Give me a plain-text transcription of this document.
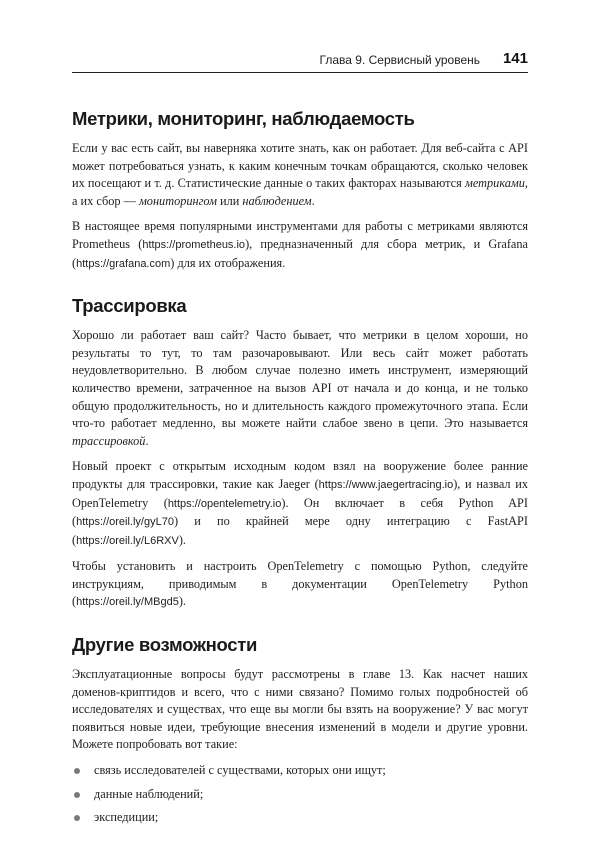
Глава 9. Сервисный уровень 141
Метрики, мониторинг, наблюдаемость

Если у вас есть сайт, вы наверняка хотите знать, как он работает. Для веб-сайта с API может потребоваться узнать, к каким конечным точкам обращаются, сколько человек их посещают и т. д. Статистические данные о таких факторах называются метриками, а их сбор — мониторингом или наблюдением.

В настоящее время популярными инструментами для работы с метриками являются Prometheus (https://prometheus.io), предназначенный для сбора метрик, и Grafana (https://grafana.com) для их отображения.

Трассировка

Хорошо ли работает ваш сайт? Часто бывает, что метрики в целом хороши, но результаты то тут, то там разочаровывают. Или весь сайт может работать неудовлетворительно. В любом случае полезно иметь инструмент, измеряющий количество времени, затраченное на вызов API от начала и до конца, и не только общую продолжительность, но и длительность каждого промежуточного этапа. Если что-то работает медленно, вы можете найти слабое звено в цепи. Это называется трассировкой.

Новый проект с открытым исходным кодом взял на вооружение более ранние продукты для трассировки, такие как Jaeger (https://www.jaegertracing.io), и назвал их OpenTelemetry (https://opentelemetry.io). Он включает в себя Python API (https://oreil.ly/gyL70) и по крайней мере одну интеграцию с FastAPI (https://oreil.ly/L6RXV).

Чтобы установить и настроить OpenTelemetry с помощью Python, следуйте инструкциям, приводимым в документации OpenTelemetry Python (https://oreil.ly/MBgd5).

Другие возможности

Эксплуатационные вопросы будут рассмотрены в главе 13. Как насчет наших доменов-криптидов и всего, что с ними связано? Помимо голых подробностей об исследователях и существах, что еще вы могли бы взять на вооружение? У вас могут появиться новые идеи, требующие внесения изменений в модели и другие уровни. Можете попробовать вот такие:

связь исследователей с существами, которых они ищут;
данные наблюдений;
экспедиции;
